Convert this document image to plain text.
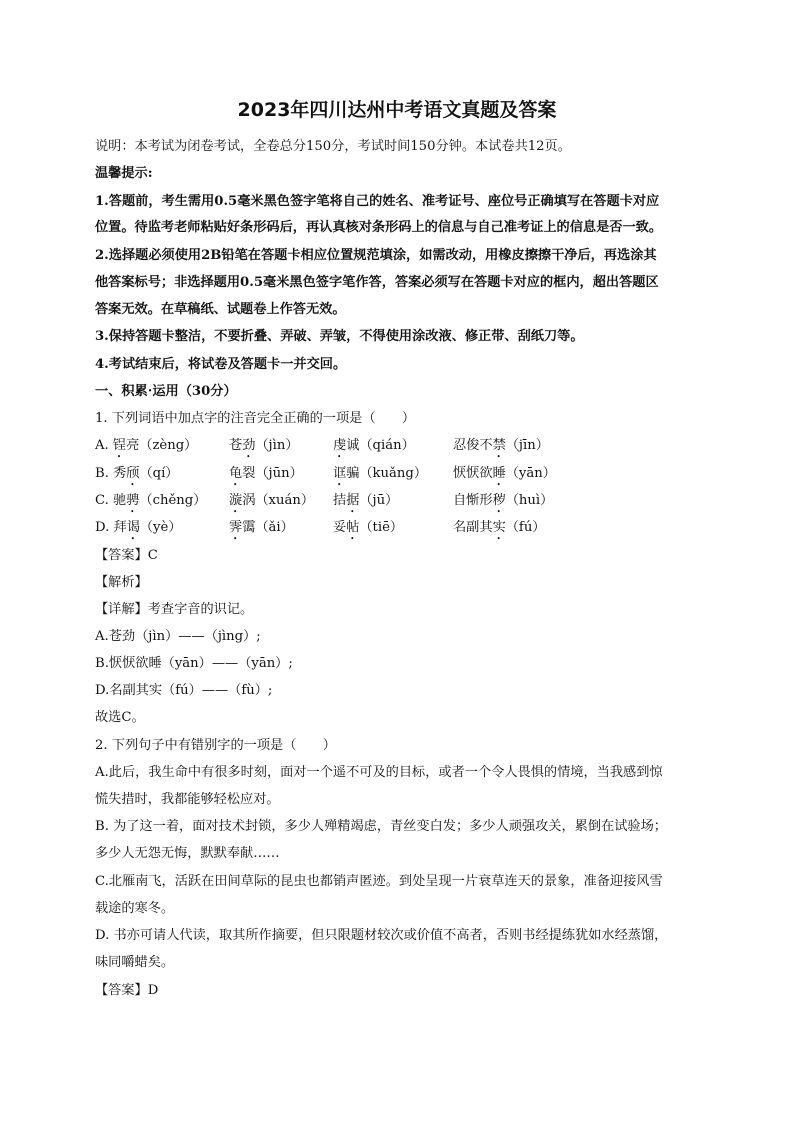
2023年四川达州中考语文真题及答案
说明：本考试为闭卷考试，全卷总分150分，考试时间150分钟。本试卷共12页。
温馨提示:
1.答题前，考生需用0.5毫米黑色签字笔将自己的姓名、准考证号、座位号正确填写在答题卡对应
位置。待监考老师粘贴好条形码后，再认真核对条形码上的信息与自己准考证上的信息是否一致。
2.选择题必须使用2B铅笔在答题卡相应位置规范填涂，如需改动，用橡皮擦擦干净后，再选涂其
他答案标号；非选择题用0.5毫米黑色签字笔作答，答案必须写在答题卡对应的框内，超出答题区
答案无效。在草稿纸、试题卷上作答无效。
3.保持答题卡整洁，不要折叠、弄破、弄皱，不得使用涂改液、修正带、刮纸刀等。
4.考试结束后，将试卷及答题卡一并交回。
一、积累·运用（30分）
1. 下列词语中加点字的注音完全正确的一项是（　　）
A. 锃亮（zèng） 苍劲（jìn）	虔诚（qián）	忍俊不禁（jīn）
B. 秀颀（qí）	龟裂（jūn） 诓骗（kuǎng） 恹恹欲睡（yān）
C. 驰骋（chěng） 漩涡（xuán） 拮据（jū）	自惭形秽（huì）
D. 拜谒（yè）	霁霭（ǎi）	妥帖（tiē）	名副其实（fú）
【答案】C
【解析】
【详解】考查字音的识记。
A.苍劲（jìn）——（jìng）;
B.恹恹欲睡（yān）——（yān）;
D.名副其实（fú）——（fù）;
故选C。
2. 下列句子中有错别字的一项是（　　）
A.此后，我生命中有很多时刻，面对一个遥不可及的目标，或者一个令人畏惧的情境，当我感到惊
慌失措时，我都能够轻松应对。
B. 为了这一着，面对技术封锁，多少人殚精竭虑，青丝变白发；多少人顽强攻关，累倒在试验场；
多少人无怨无悔，默默奉献……
C.北雁南飞，活跃在田间草际的昆虫也都销声匿迹。到处呈现一片衰草连天的景象，准备迎接风雪
载途的寒冬。
D. 书亦可请人代读，取其所作摘要，但只限题材较次或价值不高者，否则书经提练犹如水经蒸馏，
味同嚼蜡矣。
【答案】D
